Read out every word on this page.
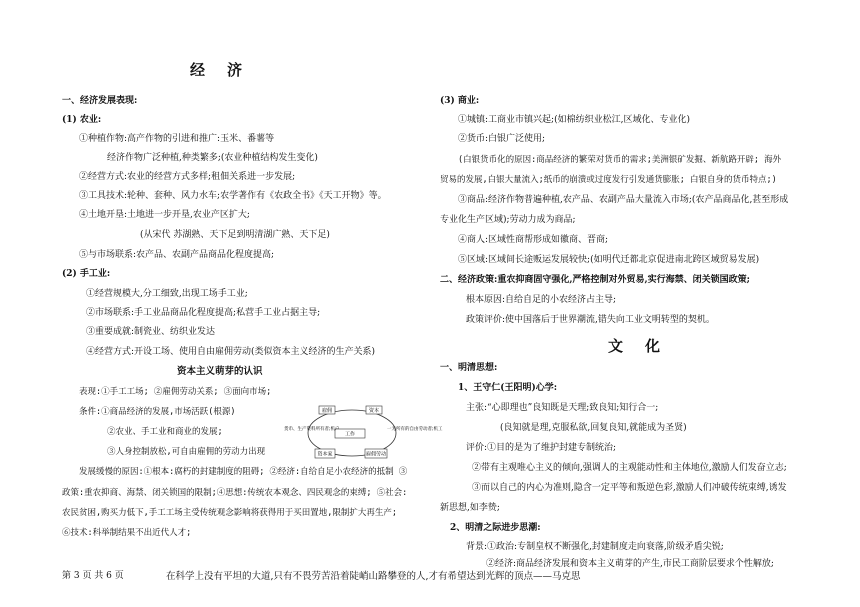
经济
一、经济发展表现:
(1) 农业:
①种植作物:高产作物的引进和推广:玉米、番薯等
经济作物广泛种植,种类繁多;(农业种植结构发生变化)
②经营方式:农业的经营方式多样;租佃关系进一步发展;
③工具技术:轮种、套种、风力水车;农学著作有《农政全书》《天工开物》等。
④土地开垦:土地进一步开垦,农业产区扩大;
(从宋代 苏湖熟、天下足到明清湖广熟、天下足)
⑤与市场联系:农产品、农副产品商品化程度提高;
(2) 手工业:
①经营规模大,分工细致,出现工场手工业;
②市场联系:手工业品商品化程度提高;私营手工业占据主导;
③重要成就:制瓷业、纺织业发达
④经营方式:开设工场、使用自由雇佣劳动(类似资本主义经济的生产关系)
资本主义萌芽的认识
表现:①手工工场; ②雇佣劳动关系; ③面向市场;
条件:①商品经济的发展,市场活跃(根源)
②农业、手工业和商业的发展;
③人身控制放松,可自由雇佣的劳动力出现
发展缓慢的原因:①根本:腐朽的封建制度的阻碍; ②经济:自给自足小农经济的抵制 ③
政策:重农抑商、海禁、闭关锁国的限制;④思想:传统农本观念、四民观念的束缚; ⑤社会:
农民贫困,购买力低下,手工工场主受传统观念影响将获得用于买田置地,限制扩大再生产;
⑥技术:科举制结果不出近代人才;
雇佣	资本
工作
资本家	雇佣劳动
货币、生产资料所有者;机户	一无所有的自由劳动者;机工
(3) 商业:
①城镇:工商业市镇兴起;(如棉纺织业松江,区域化、专业化)
②货币:白银广泛使用;
(白银货币化的原因:商品经济的繁荣对货币的需求;美洲银矿发掘、新航路开辟; 海外
贸易的发展,白银大量流入;纸币的崩溃或过度发行引发通货膨胀; 白银自身的货币特点;)
③商品:经济作物普遍种植,农产品、农副产品大量流入市场;(农产品商品化,甚至形成
专业化生产区域);劳动力成为商品;
④商人:区域性商帮形成如徽商、晋商;
⑤区域:区域间长途贩运发展较快;(如明代迁都北京促进南北跨区域贸易发展)
二、经济政策:重农抑商固守强化,严格控制对外贸易,实行海禁、闭关锁国政策;
根本原因:自给自足的小农经济占主导;
政策评价:使中国落后于世界潮流,错失向工业文明转型的契机。
文化
一、明清思想:
1、王守仁(王阳明)心学:
主张:“心即理也”良知既是天理;致良知;知行合一;
(良知就是理,克服私欲,回复良知,就能成为圣贤)
评价:①目的是为了维护封建专制统治;
②带有主观唯心主义的倾向,强调人的主观能动性和主体地位,激励人们发奋立志;
③而以自己的内心为准则,隐含一定平等和叛逆色彩,激励人们冲破传统束缚,诱发
新思想,如李贽;
2、明清之际进步思潮:
背景:①政治:专制皇权不断强化,封建制度走向衰落,阶级矛盾尖锐;
②经济:商品经济发展和资本主义萌芽的产生,市民工商阶层要求个性解放;
第 3 页 共 6 页	在科学上没有平坦的大道,只有不畏劳苦沿着陡峭山路攀登的人,才有希望达到光辉的顶点——马克思
